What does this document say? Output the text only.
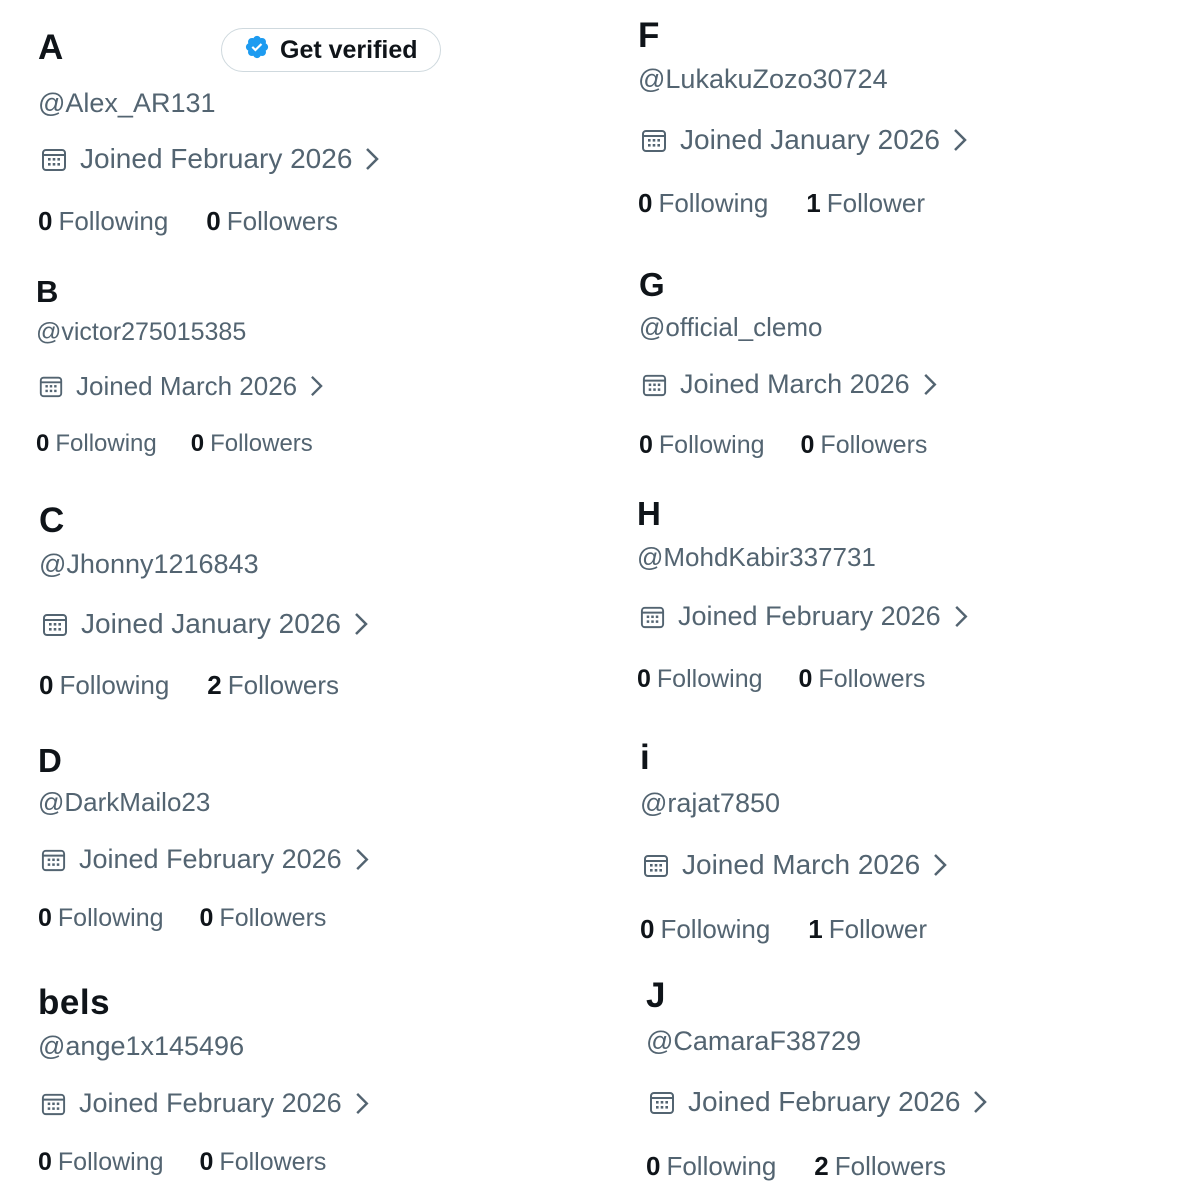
A	Get verified
@Alex_AR131
Joined February 2026
0 Following 0 Followers
B
@victor275015385
Joined March 2026
0 Following 0 Followers
C
@Jhonny1216843
Joined January 2026
0 Following 2 Followers
D
@DarkMailo23
Joined February 2026
0 Following 0 Followers
bels
@ange1x145496
Joined February 2026
0 Following 0 Followers
F
@LukakuZozo30724
Joined January 2026
0 Following 1 Follower
G
@official_clemo
Joined March 2026
0 Following 0 Followers
H
@MohdKabir337731
Joined February 2026
0 Following 0 Followers
i
@rajat7850
Joined March 2026
0 Following 1 Follower
J
@CamaraF38729
Joined February 2026
0 Following 2 Followers
